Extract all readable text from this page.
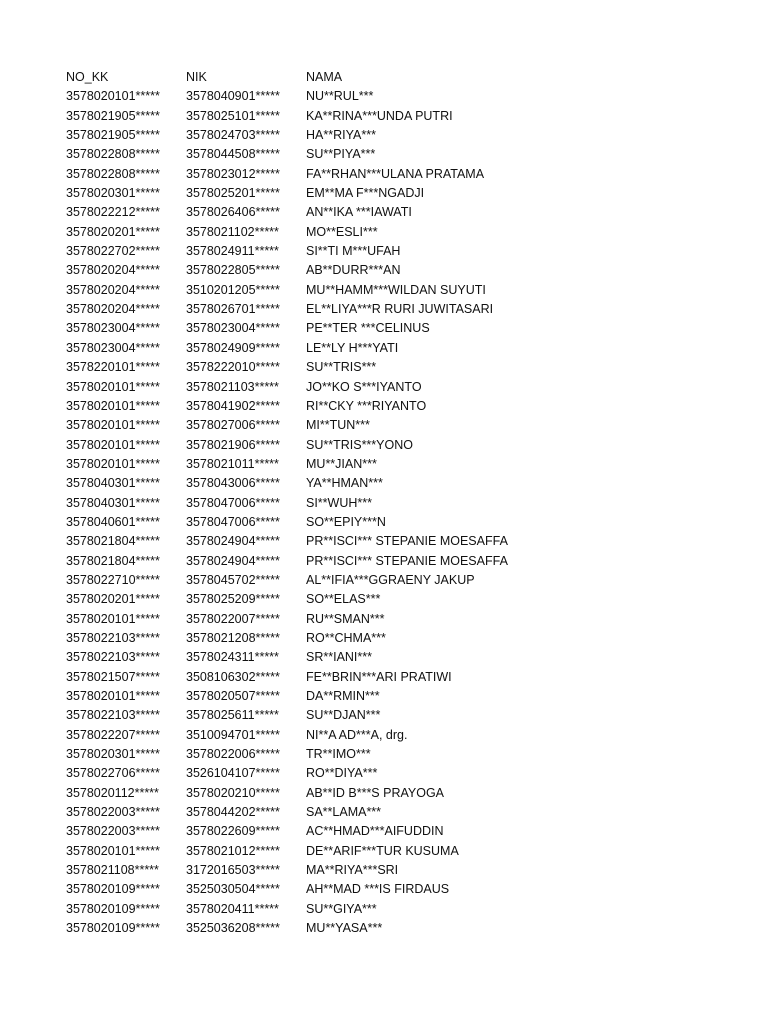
NO_KK	NIK	NAMA
3578020101***** 3578040901***** NU**RUL***
3578021905***** 3578025101***** KA**RINA***UNDA PUTRI
3578021905***** 3578024703***** HA**RIYA***
3578022808***** 3578044508***** SU**PIYA***
3578022808***** 3578023012***** FA**RHAN***ULANA PRATAMA
3578020301***** 3578025201***** EM**MA F***NGADJI
3578022212***** 3578026406***** AN**IKA ***IAWATI
3578020201***** 3578021102***** MO**ESLI***
3578022702***** 3578024911***** SI**TI M***UFAH
3578020204***** 3578022805***** AB**DURR***AN
3578020204***** 3510201205***** MU**HAMM***WILDAN SUYUTI
3578020204***** 3578026701***** EL**LIYA***R RURI JUWITASARI
3578023004***** 3578023004***** PE**TER ***CELINUS
3578023004***** 3578024909***** LE**LY H***YATI
3578220101***** 3578222010***** SU**TRIS***
3578020101***** 3578021103***** JO**KO S***IYANTO
3578020101***** 3578041902***** RI**CKY ***RIYANTO
3578020101***** 3578027006***** MI**TUN***
3578020101***** 3578021906***** SU**TRIS***YONO
3578020101***** 3578021011***** MU**JIAN***
3578040301***** 3578043006***** YA**HMAN***
3578040301***** 3578047006***** SI**WUH***
3578040601***** 3578047006***** SO**EPIY***N
3578021804***** 3578024904***** PR**ISCI*** STEPANIE MOESAFFA
3578021804***** 3578024904***** PR**ISCI*** STEPANIE MOESAFFA
3578022710***** 3578045702***** AL**IFIA***GGRAENY JAKUP
3578020201***** 3578025209***** SO**ELAS***
3578020101***** 3578022007***** RU**SMAN***
3578022103***** 3578021208***** RO**CHMA***
3578022103***** 3578024311***** SR**IANI***
3578021507***** 3508106302***** FE**BRIN***ARI PRATIWI
3578020101***** 3578020507***** DA**RMIN***
3578022103***** 3578025611***** SU**DJAN***
3578022207***** 3510094701***** NI**A AD***A, drg.
3578020301***** 3578022006***** TR**IMO***
3578022706***** 3526104107***** RO**DIYA***
3578020112***** 3578020210***** AB**ID B***S PRAYOGA
3578022003***** 3578044202***** SA**LAMA***
3578022003***** 3578022609***** AC**HMAD***AIFUDDIN
3578020101***** 3578021012***** DE**ARIF***TUR KUSUMA
3578021108***** 3172016503***** MA**RIYA***SRI
3578020109***** 3525030504***** AH**MAD ***IS FIRDAUS
3578020109***** 3578020411***** SU**GIYA***
3578020109***** 3525036208***** MU**YASA***
